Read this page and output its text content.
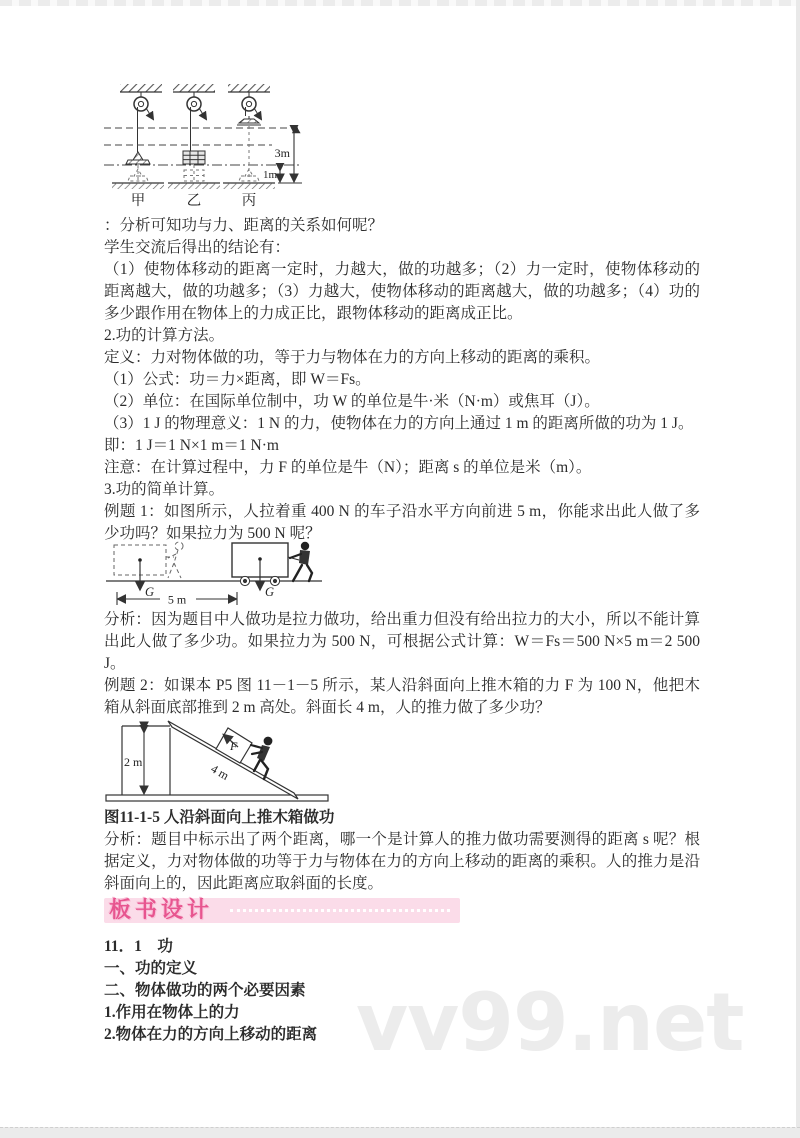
vv99.net
3m
1m
甲	乙	丙

：分析可知功与力、距离的关系如何呢？

学生交流后得出的结论有：

（1）使物体移动的距离一定时，力越大，做的功越多；（2）力一定时，使物体移动的距离越大，做的功越多；（3）力越大，使物体移动的距离越大，做的功越多；（4）功的多少跟作用在物体上的力成正比，跟物体移动的距离成正比。

2.功的计算方法。

定义：力对物体做的功，等于力与物体在力的方向上移动的距离的乘积。

（1）公式：功＝力×距离，即 W＝Fs。

（2）单位：在国际单位制中，功 W 的单位是牛·米（N·m）或焦耳（J）。

（3）1 J 的物理意义：1 N 的力，使物体在力的方向上通过 1 m 的距离所做的功为 1 J。

即：1 J＝1 N×1 m＝1 N·m

注意：在计算过程中，力 F 的单位是牛（N）；距离 s 的单位是米（m）。

3.功的简单计算。

例题 1：如图所示，人拉着重 400 N 的车子沿水平方向前进 5 m，你能求出此人做了多少功吗？如果拉力为 500 N 呢？

G	G
5 m

分析：因为题目中人做功是拉力做功，给出重力但没有给出拉力的大小，所以不能计算出此人做了多少功。如果拉力为 500 N，可根据公式计算：W＝Fs＝500 N×5 m＝2 500 J。

例题 2：如课本 P5 图 11－1－5 所示，某人沿斜面向上推木箱的力 F 为 100 N，他把木箱从斜面底部推到 2 m 高处。斜面长 4 m，人的推力做了多少功？

2 m	4 m
F

图11-1-5 人沿斜面向上推木箱做功

分析：题目中标示出了两个距离，哪一个是计算人的推力做功需要测得的距离 s 呢？根据定义，力对物体做的功等于力与物体在力的方向上移动的距离的乘积。人的推力是沿斜面向上的，因此距离应取斜面的长度。

板书设计

11．1　功

一、功的定义

二、物体做功的两个必要因素

1.作用在物体上的力

2.物体在力的方向上移动的距离
